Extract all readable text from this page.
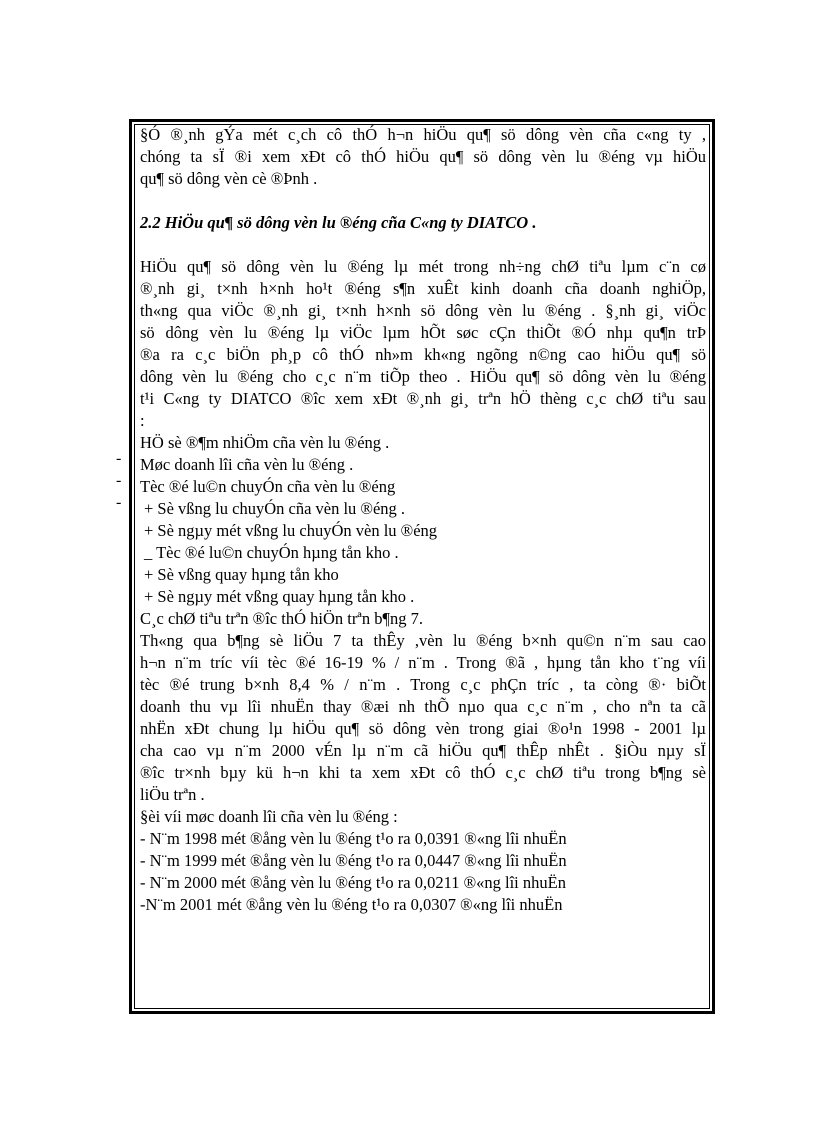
-
-
-

§Ó ®¸nh gÝa mét c¸ch cô thÓ h¬n hiÖu qu¶ sö dông vèn cña c«ng ty ,

chóng ta sÏ ®i xem xÐt cô thÓ hiÖu qu¶ sö dông vèn lu ®éng vµ hiÖu

qu¶ sö dông vèn cè ®Þnh .

2.2 HiÖu qu¶ sö dông vèn lu ®éng cña C«ng ty DIATCO .

HiÖu qu¶ sö dông vèn lu ®éng lµ mét trong nh÷ng chØ tiªu lµm c¨n cø

®¸nh gi¸ t×nh h×nh ho¹t ®éng s¶n xuÊt kinh doanh cña doanh nghiÖp,

th«ng qua viÖc ®¸nh gi¸ t×nh h×nh sö dông vèn lu ®éng . §¸nh gi¸ viÖc

sö dông vèn lu ®éng lµ viÖc lµm hÕt søc cÇn thiÕt ®Ó nhµ qu¶n trÞ

®a ra c¸c biÖn ph¸p cô thÓ nh»m kh«ng ngõng n©ng cao hiÖu qu¶ sö

dông vèn lu ®éng cho c¸c n¨m tiÕp theo . HiÖu qu¶ sö dông vèn lu ®éng

t¹i C«ng ty DIATCO ®îc xem xÐt ®¸nh gi¸ trªn hÖ thèng c¸c chØ tiªu sau

:

HÖ sè ®¶m nhiÖm cña vèn lu ®éng .

Møc doanh lîi cña vèn lu ®éng .

Tèc ®é lu©n chuyÓn cña vèn lu ®éng

+ Sè vßng lu chuyÓn cña vèn lu ®éng .

+ Sè ngµy mét vßng lu chuyÓn vèn lu ®éng

_ Tèc ®é lu©n chuyÓn hµng tån kho .

+ Sè vßng quay hµng tån kho

+ Sè ngµy mét vßng quay hµng tån kho .

C¸c chØ tiªu trªn ®îc thÓ hiÖn trªn b¶ng 7.

Th«ng qua b¶ng sè liÖu 7 ta thÊy ,vèn lu ®éng b×nh qu©n n¨m sau cao

h¬n n¨m tríc víi tèc ®é 16-19 % / n¨m . Trong ®ã , hµng tån kho t¨ng víi

tèc ®é trung b×nh 8,4 % / n¨m . Trong c¸c phÇn tríc , ta còng ®· biÕt

doanh thu vµ lîi nhuËn thay ®æi nh thÕ nµo qua c¸c n¨m , cho nªn ta cã

nhËn xÐt chung lµ hiÖu qu¶ sö dông vèn trong giai ®o¹n 1998 - 2001 lµ

cha cao vµ n¨m 2000 vÉn lµ n¨m cã hiÖu qu¶ thÊp nhÊt . §iÒu nµy sÏ

®îc tr×nh bµy kü h¬n khi ta xem xÐt cô thÓ c¸c chØ tiªu trong b¶ng sè

liÖu trªn .

§èi víi møc doanh lîi cña vèn lu ®éng :

- N¨m 1998 mét ®ång vèn lu ®éng t¹o ra 0,0391 ®«ng lîi nhuËn

- N¨m 1999 mét ®ång vèn lu ®éng t¹o ra 0,0447 ®«ng lîi nhuËn

- N¨m 2000 mét ®ång vèn lu ®éng t¹o ra 0,0211 ®«ng lîi nhuËn

-N¨m 2001 mét ®ång vèn lu ®éng t¹o ra 0,0307 ®«ng lîi nhuËn
